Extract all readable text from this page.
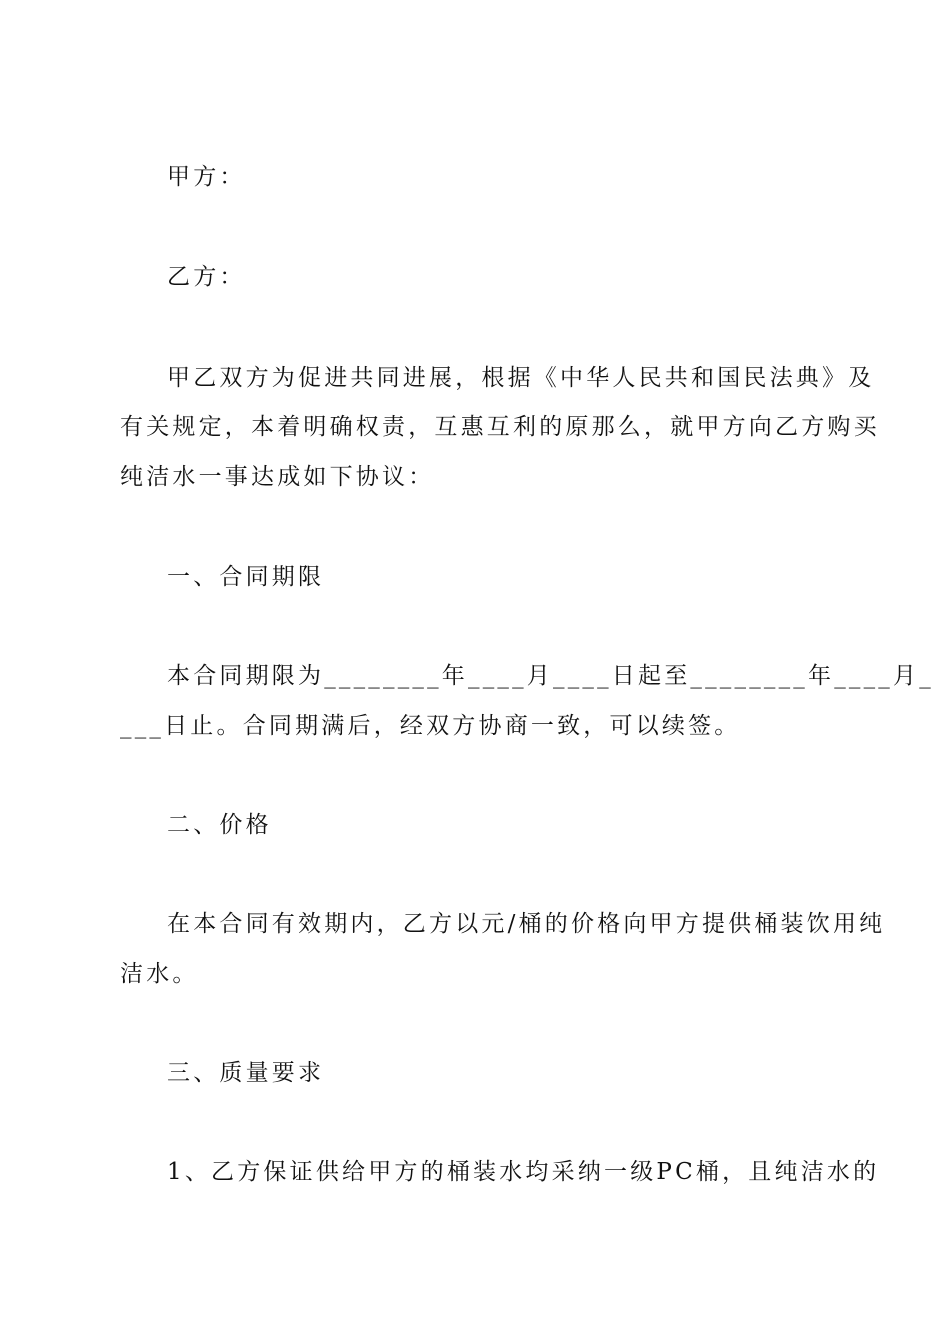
甲方：
乙方：
甲乙双方为促进共同进展，根据《中华人民共和国民法典》及
有关规定，本着明确权责，互惠互利的原那么，就甲方向乙方购买
纯洁水一事达成如下协议：
一、合同期限
本合同期限为________年____月____日起至________年____月_
___日止。合同期满后，经双方协商一致，可以续签。
二、价格
在本合同有效期内，乙方以元/桶的价格向甲方提供桶装饮用纯
洁水。
三、质量要求
1、乙方保证供给甲方的桶装水均采纳一级PC桶，且纯洁水的
